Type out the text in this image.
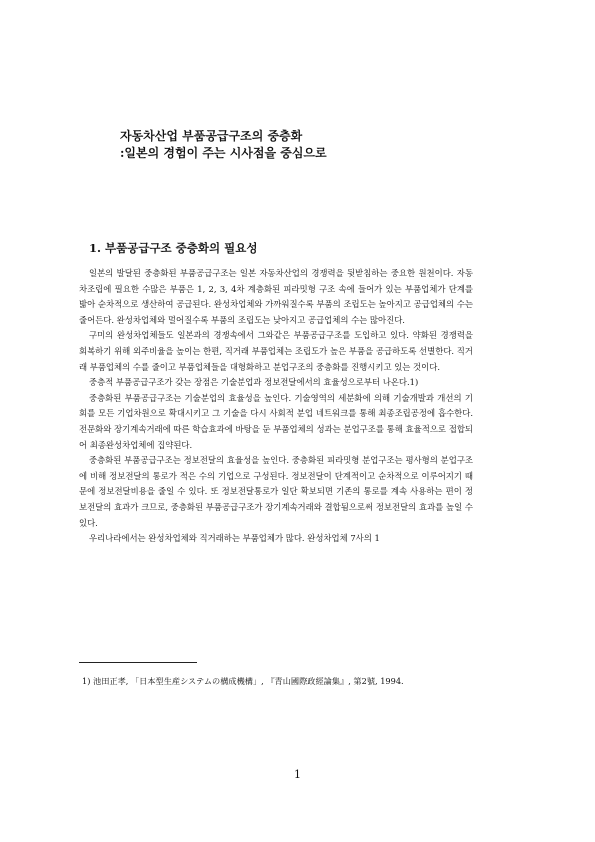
자동차산업 부품공급구조의 중층화
:일본의 경험이 주는 시사점을 중심으로
1. 부품공급구조 중층화의 필요성

일본의 발달된 중층화된 부품공급구조는 일본 자동차산업의 경쟁력을 뒷받침하는 중요한 원천이다. 자동차조립에 필요한 수많은 부품은 1, 2, 3, 4차 계층화된 피라밋형 구조 속에 들어가 있는 부품업체가 단계를 밟아 순차적으로 생산하여 공급된다. 완성차업체와 가까워질수록 부품의 조립도는 높아지고 공급업체의 수는 줄어든다. 완성차업체와 멀어질수록 부품의 조립도는 낮아지고 공급업체의 수는 많아진다.

구미의 완성차업체들도 일본과의 경쟁속에서 그와같은 부품공급구조를 도입하고 있다. 약화된 경쟁력을 회복하기 위해 외주비율을 높이는 한편, 직거래 부품업체는 조립도가 높은 부품을 공급하도록 선별한다. 직거래 부품업체의 수를 줄이고 부품업체들을 대형화하고 분업구조의 중층화를 진행시키고 있는 것이다.

중층적 부품공급구조가 갖는 장점은 기술분업과 정보전달에서의 효율성으로부터 나온다.1)

중층화된 부품공급구조는 기술분업의 효율성을 높인다. 기술영역의 세분화에 의해 기술개발과 개선의 기회를 모든 기업차원으로 확대시키고 그 기술을 다시 사회적 분업 네트워크를 통해 최종조립공정에 흡수한다. 전문화와 장기계속거래에 따른 학습효과에 바탕을 둔 부품업체의 성과는 분업구조를 통해 효율적으로 접합되어 최종완성차업체에 집약된다.

중층화된 부품공급구조는 정보전달의 효율성을 높인다. 중층화된 피라밋형 분업구조는 평사형의 분업구조에 비해 정보전달의 통로가 적은 수의 기업으로 구성된다. 정보전달이 단계적이고 순차적으로 이루어지기 때문에 정보전달비용을 줄일 수 있다. 또 정보전달통로가 일단 확보되면 기존의 통로를 계속 사용하는 편이 정보전달의 효과가 크므로, 중층화된 부품공급구조가 장기계속거래와 결합됨으로써 정보전달의 효과를 높일 수 있다.

우리나라에서는 완성차업체와 직거래하는 부품업체가 많다. 완성차업체 7사의 1

1) 池田正孝, 「日本型生産システムの構成機構」, 『青山國際政經論集』, 第2號, 1994.
1
